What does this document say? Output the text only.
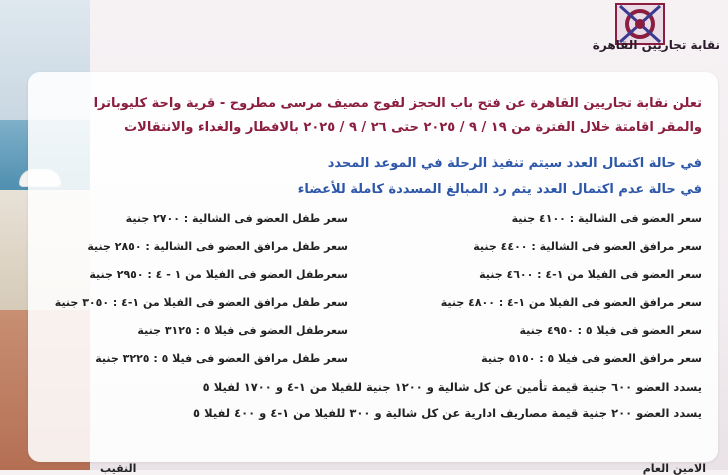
نقابة تجاريين القاهرة
تعلن نقابة تجاريين القاهرة عن فتح باب الحجز لفوج مصيف مرسى مطروح - قرية واحة كليوباترا
والمقر اقامتة خلال الفترة من ١٩ / ٩ / ٢٠٢٥ حتى ٢٦ / ٩ / ٢٠٢٥ بالافطار والغداء والانتقالات
في حالة اكتمال العدد سيتم تنفيذ الرحلة في الموعد المحدد
في حالة عدم اكتمال العدد يتم رد المبالغ المسددة كاملة للأعضاء
سعر العضو فى الشالية : ٤١٠٠ جنية
سعر مرافق العضو فى الشالية : ٤٤٠٠ جنية
سعر العضو فى الفيلا من ١-٤ : ٤٦٠٠ جنية
سعر مرافق العضو فى الفيلا من ١-٤ : ٤٨٠٠ جنية
سعر العضو فى فيلا ٥ : ٤٩٥٠ جنية
سعر مرافق العضو فى فيلا ٥ : ٥١٥٠ جنية
سعر طفل العضو فى الشالية : ٢٧٠٠ جنية
سعر طفل مرافق العضو فى الشالية : ٢٨٥٠ جنية
سعرطفل العضو فى الفيلا من ١ - ٤ : ٢٩٥٠ جنية
سعر طفل مرافق العضو فى الفيلا من ١-٤ : ٣٠٥٠ جنية
سعرطفل العضو فى فيلا ٥ : ٣١٢٥ جنية
سعر طفل مرافق العضو فى فيلا ٥ : ٣٢٢٥ جنية
يسدد العضو ٦٠٠ جنية قيمة تأمين عن كل شالية و ١٢٠٠ جنية للفيلا من ١-٤ و ١٧٠٠ لفيلا ٥
يسدد العضو ٢٠٠ جنية قيمة مصاريف ادارية عن كل شالية و ٣٠٠ للفيلا من ١-٤ و ٤٠٠ لفيلا ٥
الامين العام
النقيب
